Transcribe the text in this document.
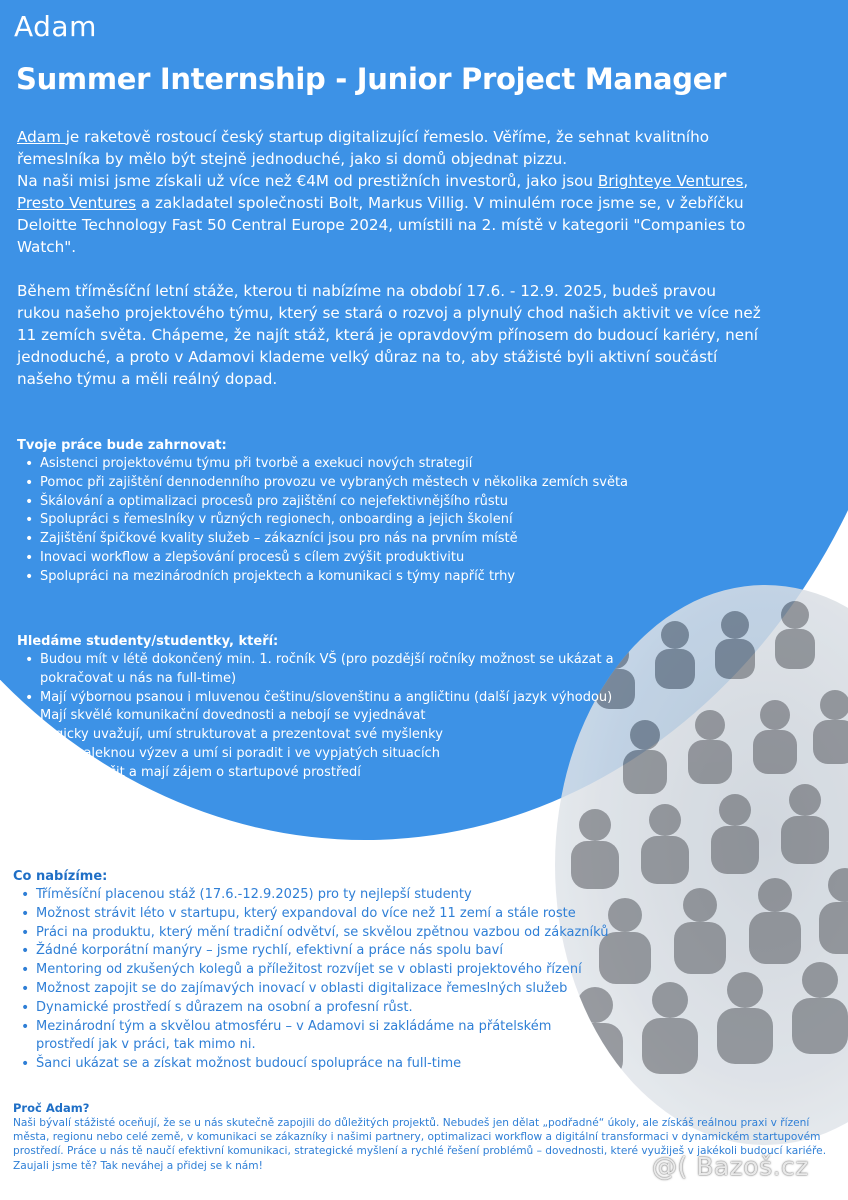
Adam
Summer Internship - Junior Project Manager

Adam je raketově rostoucí český startup digitalizující řemeslo. Věříme, že sehnat kvalitního řemeslníka by mělo být stejně jednoduché, jako si domů objednat pizzu.
Na naši misi jsme získali už více než €4M od prestižních investorů, jako jsou Brighteye Ventures,
Presto Ventures a zakladatel společnosti Bolt, Markus Villig. V minulém roce jsme se, v žebříčku Deloitte Technology Fast 50 Central Europe 2024, umístili na 2. místě v kategorii "Companies to Watch".

Během tříměsíční letní stáže, kterou ti nabízíme na období 17.6. - 12.9. 2025, budeš pravou rukou našeho projektového týmu, který se stará o rozvoj a plynulý chod našich aktivit ve více než 11 zemích světa. Chápeme, že najít stáž, která je opravdovým přínosem do budoucí kariéry, není jednoduché, a proto v Adamovi klademe velký důraz na to, aby stážisté byli aktivní součástí našeho týmu a měli reálný dopad.

Tvoje práce bude zahrnovat:
• Asistenci projektovému týmu při tvorbě a exekuci nových strategií
• Pomoc při zajištění dennodenního provozu ve vybraných městech v několika zemích světa
• Škálování a optimalizaci procesů pro zajištění co nejefektivnějšího růstu
• Spolupráci s řemeslníky v různých regionech, onboarding a jejich školení
• Zajištění špičkové kvality služeb – zákazníci jsou pro nás na prvním místě
• Inovaci workflow a zlepšování procesů s cílem zvýšit produktivitu
• Spolupráci na mezinárodních projektech a komunikaci s týmy napříč trhy
Hledáme studenty/studentky, kteří:
• Budou mít v létě dokončený min. 1. ročník VŠ (pro pozdější ročníky možnost se ukázat a pokračovat u nás na full-time)
• Mají výbornou psanou i mluvenou češtinu/slovenštinu a angličtinu (další jazyk výhodou)
• Mají skvělé komunikační dovednosti a nebojí se vyjednávat
• Logicky uvažují, umí strukturovat a prezentovat své myšlenky
• Se nezaleknou výzev a umí si poradit i ve vypjatých situacích
• Chtějí se učit a mají zájem o startupové prostředí
Co nabízíme:
• Tříměsíční placenou stáž (17.6.-12.9.2025) pro ty nejlepší studenty
• Možnost strávit léto v startupu, který expandoval do více než 11 zemí a stále roste
• Práci na produktu, který mění tradiční odvětví, se skvělou zpětnou vazbou od zákazníků
• Žádné korporátní manýry – jsme rychlí, efektivní a práce nás spolu baví
• Mentoring od zkušených kolegů a příležitost rozvíjet se v oblasti projektového řízení
• Možnost zapojit se do zajímavých inovací v oblasti digitalizace řemeslných služeb
• Dynamické prostředí s důrazem na osobní a profesní růst.
• Mezinárodní tým a skvělou atmosféru – v Adamovi si zakládáme na přátelském prostředí jak v práci, tak mimo ni.
• Šanci ukázat se a získat možnost budoucí spolupráce na full-time
Proč Adam?

Naši bývalí stážisté oceňují, že se u nás skutečně zapojili do důležitých projektů. Nebudeš jen dělat „podřadné“ úkoly, ale získáš reálnou praxi v řízení města, regionu nebo celé země, v komunikaci se zákazníky i našimi partnery, optimalizaci workflow a digitální transformaci v dynamickém startupovém prostředí. Práce u nás tě naučí efektivní komunikaci, strategické myšlení a rychlé řešení problémů – dovednosti, které využiješ v jakékoli budoucí kariéře. Zaujali jsme tě? Tak neváhej a přidej se k nám!	@( Bazoš.cz
